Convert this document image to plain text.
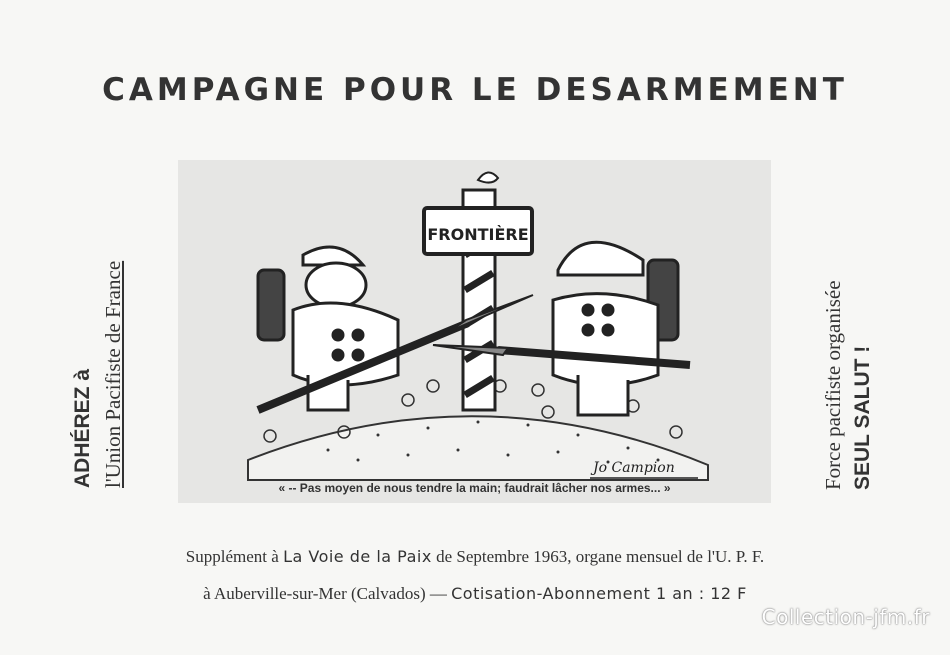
CAMPAGNE POUR LE DESARMEMENT
ADHÉREZ à l'Union Pacifiste de France
FRONTIÈRE
Jo Campion
« -- Pas moyen de nous tendre la main; faudrait lâcher nos armes... »	Force pacifiste organisée SEUL SALUT !
Supplément à La Voie de la Paix de Septembre 1963, organe mensuel de l'U. P. F.
à Auberville-sur-Mer (Calvados) — Cotisation-Abonnement 1 an : 12 F
Collection-jfm.fr
